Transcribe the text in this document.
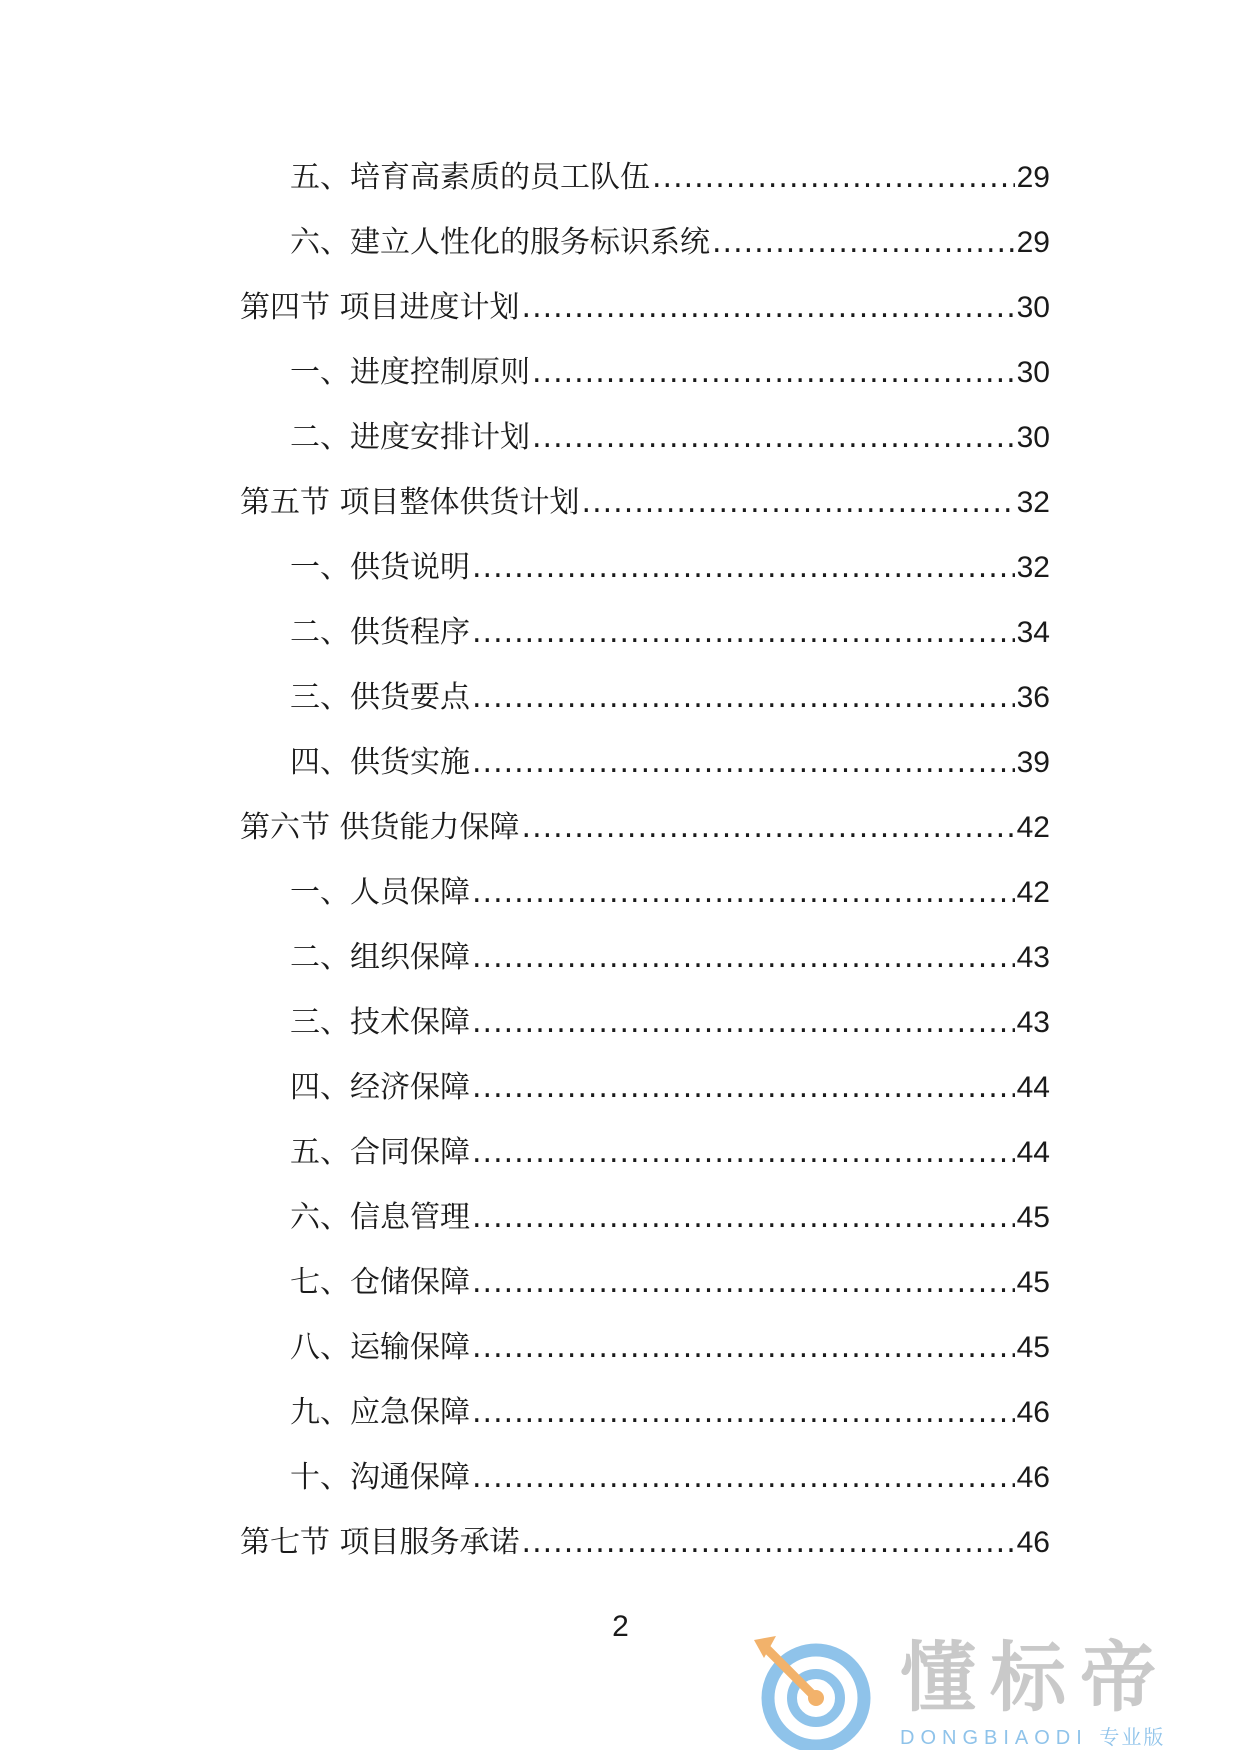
五、培育高素质的员工队伍 .....	29
六、建立人性化的服务标识系统 .....	29
第四节 项目进度计划 .....	30
一、进度控制原则 .....	30
二、进度安排计划 .....	30
第五节 项目整体供货计划 .....	32
一、供货说明 .....	32
二、供货程序 .....	34
三、供货要点 .....	36
四、供货实施 .....	39
第六节 供货能力保障 .....	42
一、人员保障 .....	42
二、组织保障 .....	43
三、技术保障 .....	43
四、经济保障 .....	44
五、合同保障 .....	44
六、信息管理 .....	45
七、仓储保障 .....	45
八、运输保障 .....	45
九、应急保障 .....	46
十、沟通保障 .....	46
第七节 项目服务承诺 .....	46
2
懂标帝
DONGBIAODI 专业版
